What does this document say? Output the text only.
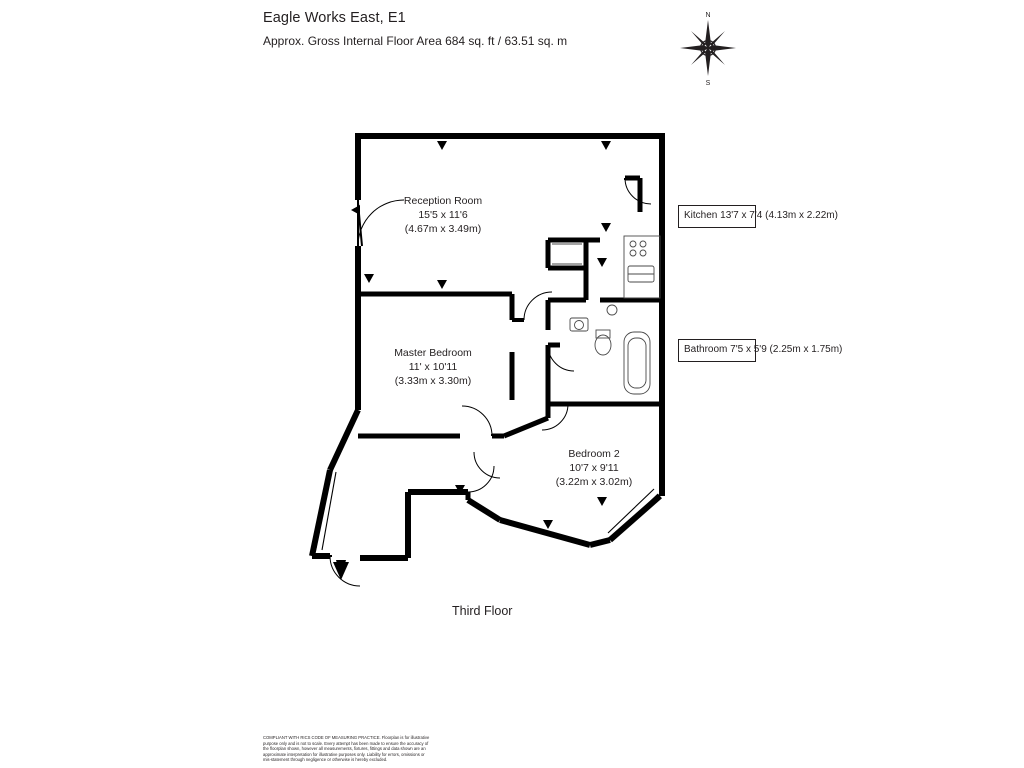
Eagle Works East, E1
Approx. Gross Internal Floor Area 684 sq. ft / 63.51 sq. m
N
S
Reception Room
15'5 x 11'6
(4.67m x 3.49m)
Master Bedroom
11' x 10'11
(3.33m x 3.30m)
Bedroom 2
10'7 x 9'11
(3.22m x 3.02m)
Kitchen 13'7 x 7'4 (4.13m x 2.22m)
Bathroom 7'5 x 5'9 (2.25m x 1.75m)
Third Floor
COMPLIANT WITH RICS CODE OF MEASURING PRACTICE. Floorplan is for illustrative
purpose only and is not to scale. Every attempt has been made to ensure the accuracy of
the floorplan shown, however all measurements, fixtures, fittings and data shown are an
approximate interpretation for illustrative purposes only. Liability for errors, omissions or
mis-statement through negligence or otherwise is hereby excluded.
